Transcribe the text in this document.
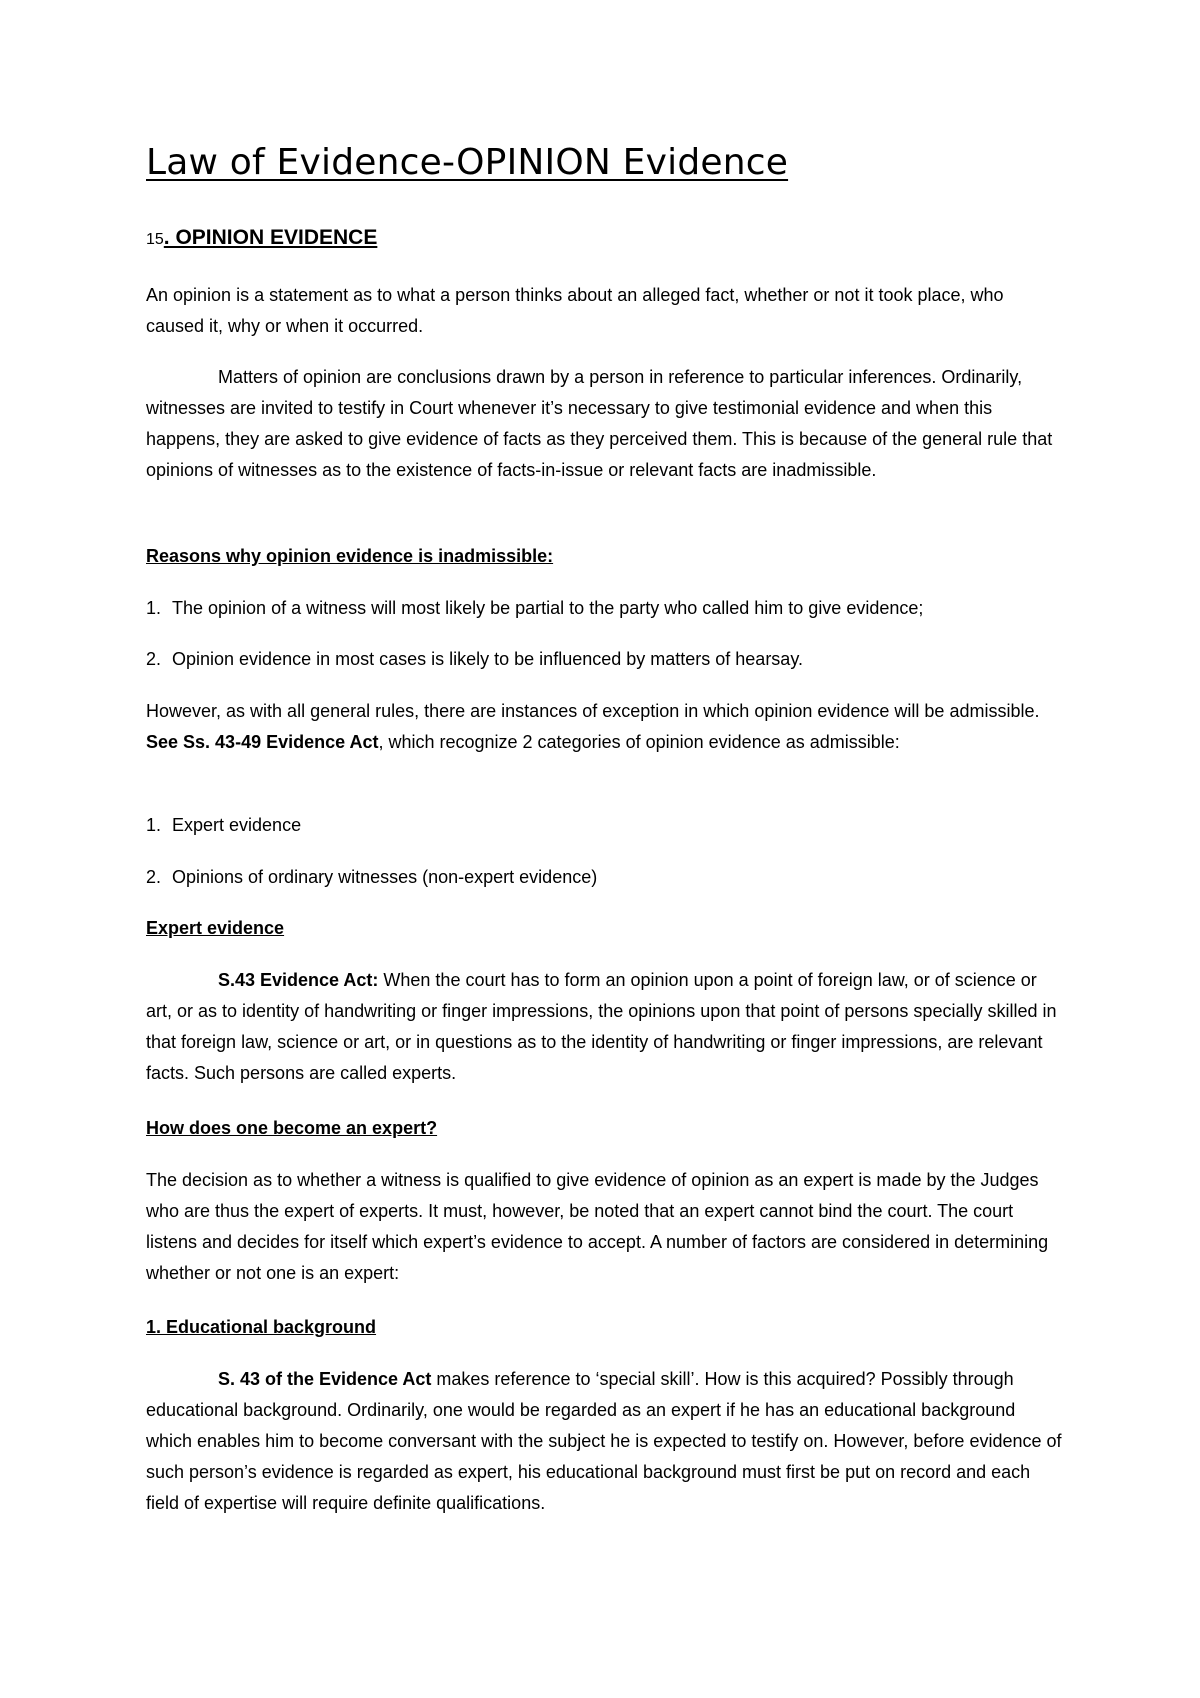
Law of Evidence-OPINION Evidence
15. OPINION EVIDENCE

An opinion is a statement as to what a person thinks about an alleged fact, whether or not it took place, who caused it, why or when it occurred.

Matters of opinion are conclusions drawn by a person in reference to particular inferences. Ordinarily, witnesses are invited to testify in Court whenever it’s necessary to give testimonial evidence and when this happens, they are asked to give evidence of facts as they perceived them. This is because of the general rule that opinions of witnesses as to the existence of facts-in-issue or relevant facts are inadmissible.

Reasons why opinion evidence is inadmissible:
1. The opinion of a witness will most likely be partial to the party who called him to give evidence;
2. Opinion evidence in most cases is likely to be influenced by matters of hearsay.

However, as with all general rules, there are instances of exception in which opinion evidence will be admissible. See Ss. 43-49 Evidence Act, which recognize 2 categories of opinion evidence as admissible:

1. Expert evidence
2. Opinions of ordinary witnesses (non-expert evidence)
Expert evidence

S.43 Evidence Act: When the court has to form an opinion upon a point of foreign law, or of science or art, or as to identity of handwriting or finger impressions, the opinions upon that point of persons specially skilled in that foreign law, science or art, or in questions as to the identity of handwriting or finger impressions, are relevant facts. Such persons are called experts.

How does one become an expert?

The decision as to whether a witness is qualified to give evidence of opinion as an expert is made by the Judges who are thus the expert of experts. It must, however, be noted that an expert cannot bind the court. The court listens and decides for itself which expert’s evidence to accept. A number of factors are considered in determining whether or not one is an expert:

1. Educational background

S. 43 of the Evidence Act makes reference to ‘special skill’. How is this acquired? Possibly through educational background. Ordinarily, one would be regarded as an expert if he has an educational background which enables him to become conversant with the subject he is expected to testify on. However, before evidence of such person’s evidence is regarded as expert, his educational background must first be put on record and each field of expertise will require definite qualifications.
